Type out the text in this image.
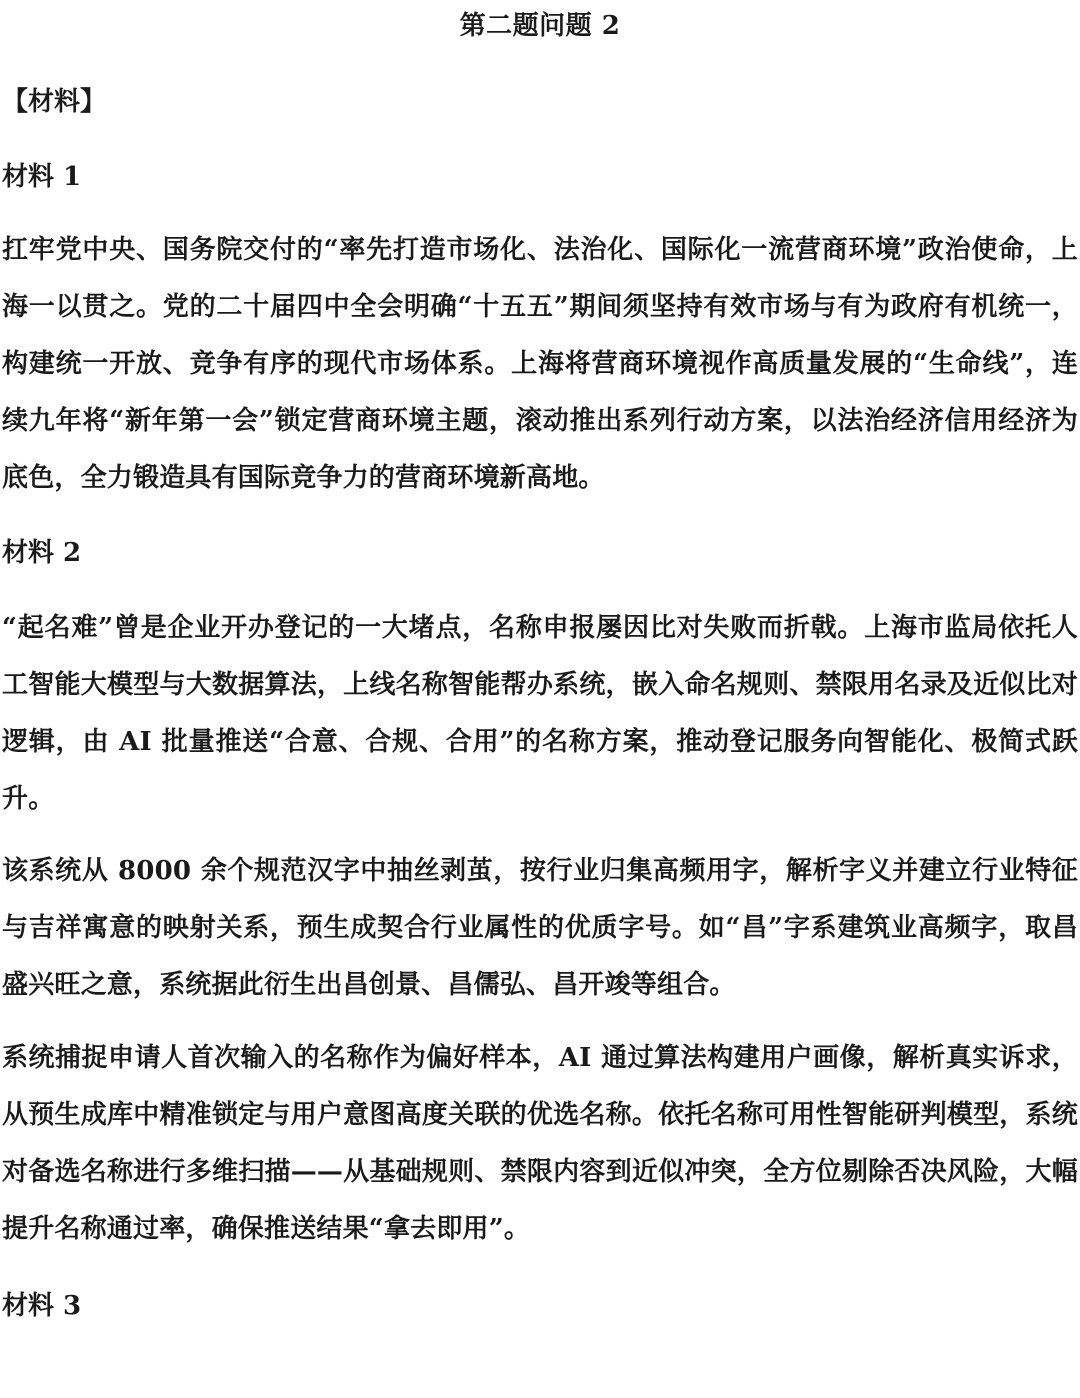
第二题问题 2
【材料】
材料 1
扛牢党中央、国务院交付的“率先打造市场化、法治化、国际化一流营商环境”政治使命，上海一以贯之。党的二十届四中全会明确“十五五”期间须坚持有效市场与有为政府有机统一，构建统一开放、竞争有序的现代市场体系。上海将营商环境视作高质量发展的“生命线”，连续九年将“新年第一会”锁定营商环境主题，滚动推出系列行动方案，以法治经济信用经济为底色，全力锻造具有国际竞争力的营商环境新高地。
材料 2
“起名难”曾是企业开办登记的一大堵点，名称申报屡因比对失败而折戟。上海市监局依托人工智能大模型与大数据算法，上线名称智能帮办系统，嵌入命名规则、禁限用名录及近似比对逻辑，由 AI 批量推送“合意、合规、合用”的名称方案，推动登记服务向智能化、极简式跃升。
该系统从 8000 余个规范汉字中抽丝剥茧，按行业归集高频用字，解析字义并建立行业特征与吉祥寓意的映射关系，预生成契合行业属性的优质字号。如“昌”字系建筑业高频字，取昌盛兴旺之意，系统据此衍生出昌创景、昌儒弘、昌开竣等组合。
系统捕捉申请人首次输入的名称作为偏好样本，AI 通过算法构建用户画像，解析真实诉求，从预生成库中精准锁定与用户意图高度关联的优选名称。依托名称可用性智能研判模型，系统对备选名称进行多维扫描——从基础规则、禁限内容到近似冲突，全方位剔除否决风险，大幅提升名称通过率，确保推送结果“拿去即用”。
材料 3
